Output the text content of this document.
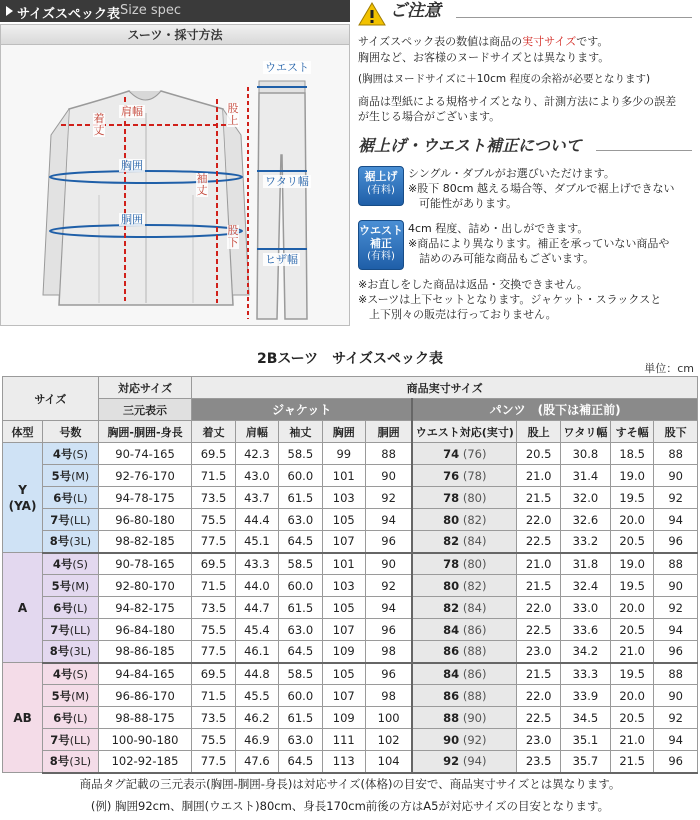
サイズスペック表 Size spec
スーツ・採寸方法
肩幅
着丈
胸囲
胴囲
袖丈
ウエスト
股上
ワタリ幅
股下
ヒザ幅
ご注意
サイズスペック表の数値は商品の実寸サイズです。
胸囲など、お客様のヌードサイズとは異なります。
(胸囲はヌードサイズに＋10cm 程度の余裕が必要となります)
商品は型紙による規格サイズとなり、計測方法により多少の誤差
が生じる場合がございます。
裾上げ・ウエスト補正について
裾上げ
(有料)
シングル・ダブルがお選びいただけます。
※股下 80cm 越える場合等、ダブルで裾上げできない
　可能性があります。
ウエスト
補正
(有料)
4cm 程度、詰め・出しができます。
※商品により異なります。補正を承っていない商品や
　詰めのみ可能な商品もございます。
※お直しをした商品は返品・交換できません。
※スーツは上下セットとなります。ジャケット・スラックスと
　上下別々の販売は行っておりません。
2Bスーツ　サイズスペック表
単位：cm
サイズ		対応サイズ	商品実寸サイズ									
		三元表示	ジャケット					パンツ　(股下は補正前)				
体型	号数	胸囲-胴囲-身長	着丈	肩幅	袖丈	胸囲	胴囲	ウエスト対応(実寸)	股上	ワタリ幅	すそ幅	股下
Y
(YA)	4号(S)	90-74-165	69.5	42.3	58.5	99	88	74 (76)	20.5	30.8	18.5	88
	5号(M)	92-76-170	71.5	43.0	60.0	101	90	76 (78)	21.0	31.4	19.0	90
	6号(L)	94-78-175	73.5	43.7	61.5	103	92	78 (80)	21.5	32.0	19.5	92
	7号(LL)	96-80-180	75.5	44.4	63.0	105	94	80 (82)	22.0	32.6	20.0	94
	8号(3L)	98-82-185	77.5	45.1	64.5	107	96	82 (84)	22.5	33.2	20.5	96
A	4号(S)	90-78-165	69.5	43.3	58.5	101	90	78 (80)	21.0	31.8	19.0	88
	5号(M)	92-80-170	71.5	44.0	60.0	103	92	80 (82)	21.5	32.4	19.5	90
	6号(L)	94-82-175	73.5	44.7	61.5	105	94	82 (84)	22.0	33.0	20.0	92
	7号(LL)	96-84-180	75.5	45.4	63.0	107	96	84 (86)	22.5	33.6	20.5	94
	8号(3L)	98-86-185	77.5	46.1	64.5	109	98	86 (88)	23.0	34.2	21.0	96
AB	4号(S)	94-84-165	69.5	44.8	58.5	105	96	84 (86)	21.5	33.3	19.5	88
	5号(M)	96-86-170	71.5	45.5	60.0	107	98	86 (88)	22.0	33.9	20.0	90
	6号(L)	98-88-175	73.5	46.2	61.5	109	100	88 (90)	22.5	34.5	20.5	92
	7号(LL)	100-90-180	75.5	46.9	63.0	111	102	90 (92)	23.0	35.1	21.0	94
	8号(3L)	102-92-185	77.5	47.6	64.5	113	104	92 (94)	23.5	35.7	21.5	96
商品タグ記載の三元表示(胸囲-胴囲-身長)は対応サイズ(体格)の目安で、商品実寸サイズとは異なります。
(例) 胸囲92cm、胴囲(ウエスト)80cm、身長170cm前後の方はA5が対応サイズの目安となります。
